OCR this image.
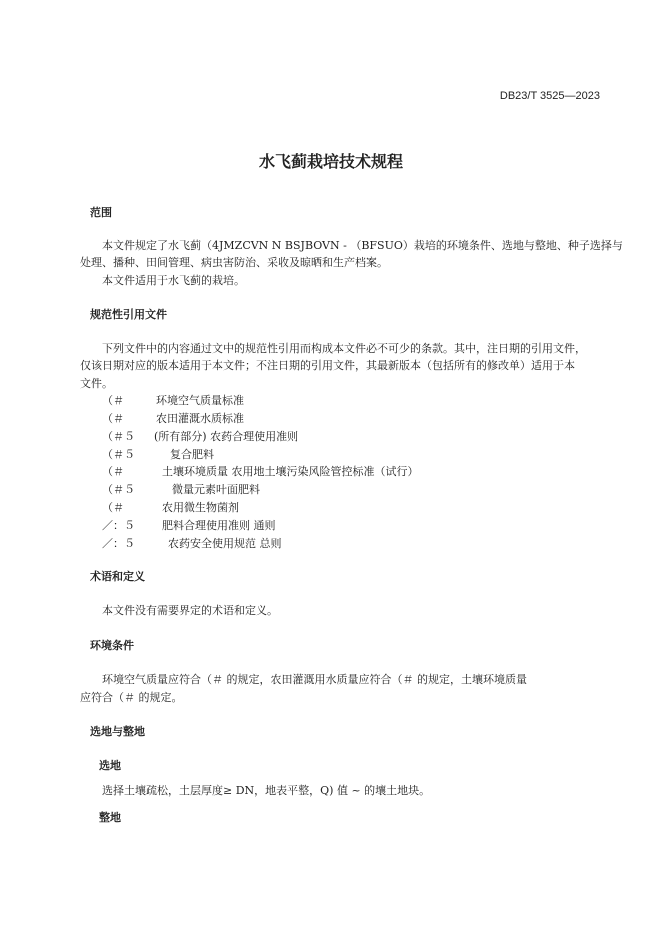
DB23/T 3525—2023
水飞蓟栽培技术规程
范围
本文件规定了水飞蓟（4JMZCVN N BSJBOVN - （BFSUO）栽培的环境条件、选地与整地、种子选择与
处理、播种、田间管理、病虫害防治、采收及晾晒和生产档案。
本文件适用于水飞蓟的栽培。
规范性引用文件
下列文件中的内容通过文中的规范性引用而构成本文件必不可少的条款。其中，注日期的引用文件，
仅该日期对应的版本适用于本文件；不注日期的引用文件，其最新版本（包括所有的修改单）适用于本
文件。
（＃	环境空气质量标准
（＃	农田灌溉水质标准
（＃５ (所有部分) 农药合理使用准则
（＃５	复合肥料
（＃	土壤环境质量 农用地土壤污染风险管控标准（试行）
（＃５	微量元素叶面肥料
（＃	农用微生物菌剂
／：５ 肥料合理使用准则 通则
／：５	农药安全使用规范 总则
术语和定义
本文件没有需要界定的术语和定义。
环境条件
环境空气质量应符合（＃ 的规定，农田灌溉用水质量应符合（＃ 的规定，土壤环境质量
应符合（＃ 的规定。
选地与整地
选地
选择土壤疏松，土层厚度≥ DN，地表平整，Q) 值 ~ 的壤土地块。
整地
